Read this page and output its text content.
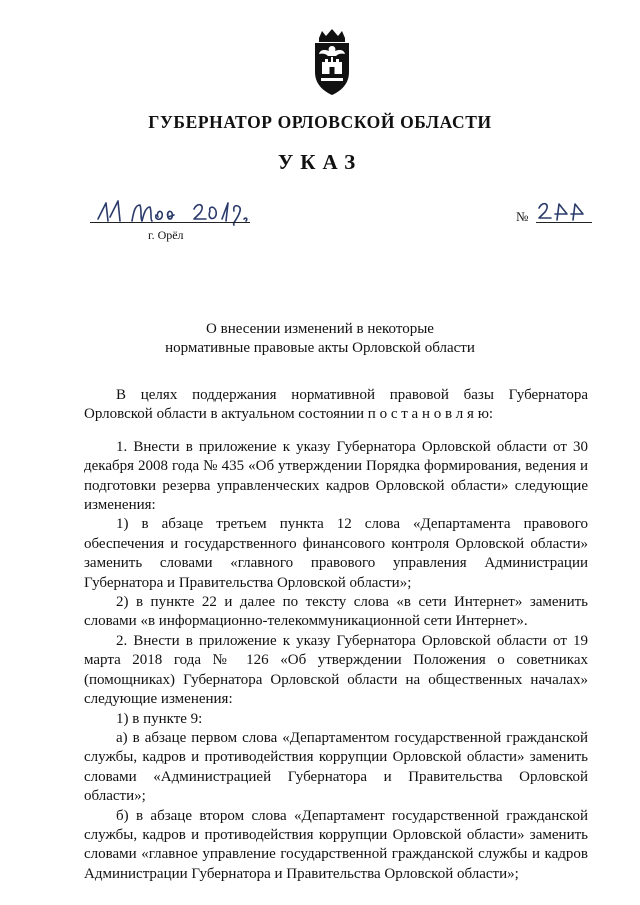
ГУБЕРНАТОР ОРЛОВСКОЙ ОБЛАСТИ
УКАЗ
г. Орёл
№
О внесении изменений в некоторые
нормативные правовые акты Орловской области

В целях поддержания нормативной правовой базы Губернатора Орловской области в актуальном состоянии п о с т а н о в л я ю:

1. Внести в приложение к указу Губернатора Орловской области от 30 декабря 2008 года № 435 «Об утверждении Порядка формирования, ведения и подготовки резерва управленческих кадров Орловской области» следующие изменения:

1) в абзаце третьем пункта 12 слова «Департамента правового обеспечения и государственного финансового контроля Орловской области» заменить словами «главного правового управления Администрации Губернатора и Правительства Орловской области»;

2) в пункте 22 и далее по тексту слова «в сети Интернет» заменить словами «в информационно-телекоммуникационной сети Интернет».

2. Внести в приложение к указу Губернатора Орловской области от 19 марта 2018 года № 126 «Об утверждении Положения о советниках (помощниках) Губернатора Орловской области на общественных началах» следующие изменения:

1) в пункте 9:

а) в абзаце первом слова «Департаментом государственной гражданской службы, кадров и противодействия коррупции Орловской области» заменить словами «Администрацией Губернатора и Правительства Орловской области»;

б) в абзаце втором слова «Департамент государственной гражданской службы, кадров и противодействия коррупции Орловской области» заменить словами «главное управление государственной гражданской службы и кадров Администрации Губернатора и Правительства Орловской области»;
